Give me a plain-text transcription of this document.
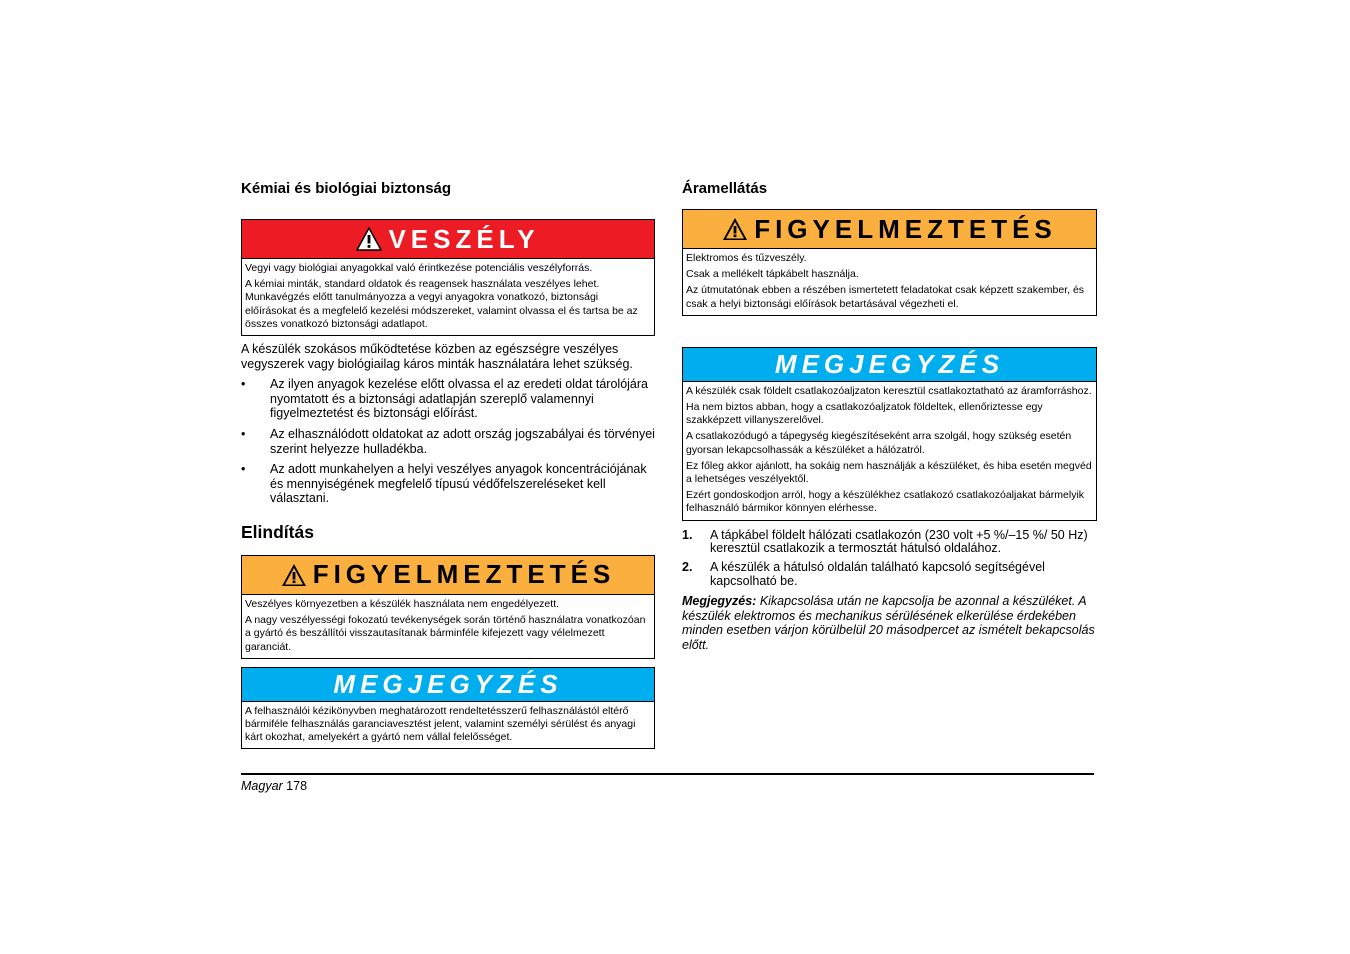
Kémiai és biológiai biztonság
VESZÉLY

Vegyi vagy biológiai anyagokkal való érintkezése potenciális veszélyforrás.

A kémiai minták, standard oldatok és reagensek használata veszélyes lehet. Munkavégzés előtt tanulmányozza a vegyi anyagokra vonatkozó, biztonsági előírásokat és a megfelelő kezelési módszereket, valamint olvassa el és tartsa be az összes vonatkozó biztonsági adatlapot.

A készülék szokásos működtetése közben az egészségre veszélyes vegyszerek vagy biológiailag káros minták használatára lehet szükség.

• Az ilyen anyagok kezelése előtt olvassa el az eredeti oldat tárolójára nyomtatott és a biztonsági adatlapján szereplő valamennyi figyelmeztetést és biztonsági előírást.
• Az elhasználódott oldatokat az adott ország jogszabályai és törvényei szerint helyezze hulladékba.
• Az adott munkahelyen a helyi veszélyes anyagok koncentrációjának és mennyiségének megfelelő típusú védőfelszereléseket kell választani.
Elindítás
FIGYELMEZTETÉS

Veszélyes környezetben a készülék használata nem engedélyezett.

A nagy veszélyességi fokozatú tevékenységek során történő használatra vonatkozóan a gyártó és beszállítói visszautasítanak bárminféle kifejezett vagy vélelmezett garanciát.

MEGJEGYZÉS

A felhasználói kézikönyvben meghatározott rendeltetésszerű felhasználástól eltérő bármiféle felhasználás garanciavesztést jelent, valamint személyi sérülést és anyagi kárt okozhat, amelyekért a gyártó nem vállal felelősséget.

Áramellátás
FIGYELMEZTETÉS

Elektromos és tűzveszély.

Csak a mellékelt tápkábelt használja.

Az útmutatónak ebben a részében ismertetett feladatokat csak képzett szakember, és csak a helyi biztonsági előírások betartásával végezheti el.

MEGJEGYZÉS

A készülék csak földelt csatlakozóaljzaton keresztül csatlakoztatható az áramforráshoz.

Ha nem biztos abban, hogy a csatlakozóaljzatok földeltek, ellenőriztesse egy szakképzett villanyszerelővel.

A csatlakozódugó a tápegység kiegészítéseként arra szolgál, hogy szükség esetén gyorsan lekapcsolhassák a készüléket a hálózatról.

Ez főleg akkor ajánlott, ha sokáig nem használják a készüléket, és hiba esetén megvéd a lehetséges veszélyektől.

Ezért gondoskodjon arról, hogy a készülékhez csatlakozó csatlakozóaljakat bármelyik felhasználó bármikor könnyen elérhesse.

1. A tápkábel földelt hálózati csatlakozón (230 volt +5 %/–15 %/ 50 Hz) keresztül csatlakozik a termosztát hátulsó oldalához.
2. A készülék a hátulsó oldalán található kapcsoló segítségével kapcsolható be.

Megjegyzés: Kikapcsolása után ne kapcsolja be azonnal a készüléket. A készülék elektromos és mechanikus sérülésének elkerülése érdekében minden esetben várjon körülbelül 20 másodpercet az ismételt bekapcsolás előtt.

Magyar 178
